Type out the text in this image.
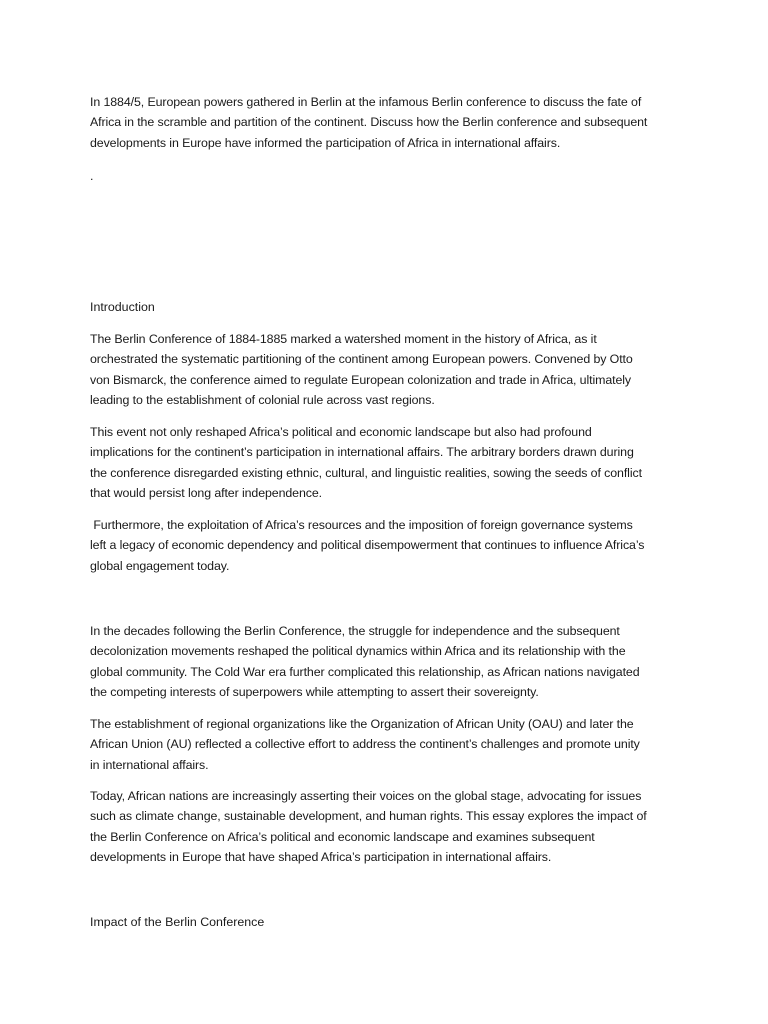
In 1884/5, European powers gathered in Berlin at the infamous Berlin conference to discuss the fate of
Africa in the scramble and partition of the continent. Discuss how the Berlin conference and subsequent
developments in Europe have informed the participation of Africa in international affairs.

.

Introduction

The Berlin Conference of 1884-1885 marked a watershed moment in the history of Africa, as it
orchestrated the systematic partitioning of the continent among European powers. Convened by Otto
von Bismarck, the conference aimed to regulate European colonization and trade in Africa, ultimately
leading to the establishment of colonial rule across vast regions.

This event not only reshaped Africa’s political and economic landscape but also had profound
implications for the continent’s participation in international affairs. The arbitrary borders drawn during
the conference disregarded existing ethnic, cultural, and linguistic realities, sowing the seeds of conflict
that would persist long after independence.

Furthermore, the exploitation of Africa’s resources and the imposition of foreign governance systems
left a legacy of economic dependency and political disempowerment that continues to influence Africa’s
global engagement today.

In the decades following the Berlin Conference, the struggle for independence and the subsequent
decolonization movements reshaped the political dynamics within Africa and its relationship with the
global community. The Cold War era further complicated this relationship, as African nations navigated
the competing interests of superpowers while attempting to assert their sovereignty.

The establishment of regional organizations like the Organization of African Unity (OAU) and later the
African Union (AU) reflected a collective effort to address the continent’s challenges and promote unity
in international affairs.

Today, African nations are increasingly asserting their voices on the global stage, advocating for issues
such as climate change, sustainable development, and human rights. This essay explores the impact of
the Berlin Conference on Africa’s political and economic landscape and examines subsequent
developments in Europe that have shaped Africa’s participation in international affairs.

Impact of the Berlin Conference
